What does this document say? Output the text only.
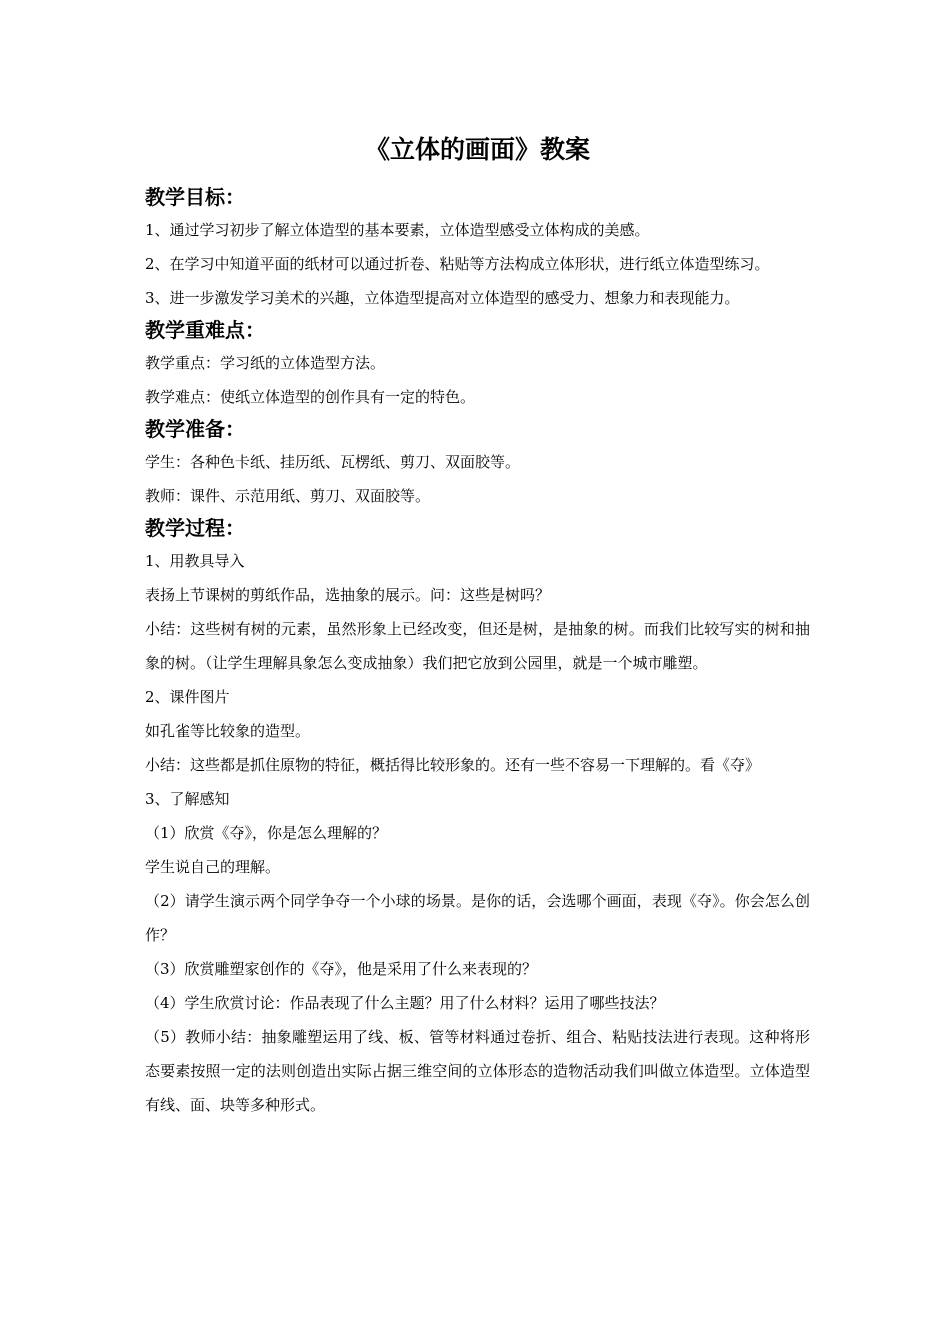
《立体的画面》教案
教学目标：

1、通过学习初步了解立体造型的基本要素，立体造型感受立体构成的美感。

2、在学习中知道平面的纸材可以通过折卷、粘贴等方法构成立体形状，进行纸立体造型练习。

3、进一步激发学习美术的兴趣，立体造型提高对立体造型的感受力、想象力和表现能力。

教学重难点：

教学重点：学习纸的立体造型方法。

教学难点：使纸立体造型的创作具有一定的特色。

教学准备：

学生：各种色卡纸、挂历纸、瓦楞纸、剪刀、双面胶等。

教师：课件、示范用纸、剪刀、双面胶等。

教学过程：

1、用教具导入

表扬上节课树的剪纸作品，选抽象的展示。问：这些是树吗？

小结：这些树有树的元素，虽然形象上已经改变，但还是树，是抽象的树。而我们比较写实的树和抽象的树。（让学生理解具象怎么变成抽象）我们把它放到公园里，就是一个城市雕塑。

2、课件图片

如孔雀等比较象的造型。

小结：这些都是抓住原物的特征，概括得比较形象的。还有一些不容易一下理解的。看《夺》

3、了解感知

（1）欣赏《夺》，你是怎么理解的？

学生说自己的理解。

（2）请学生演示两个同学争夺一个小球的场景。是你的话，会选哪个画面，表现《夺》。你会怎么创作？

（3）欣赏雕塑家创作的《夺》，他是采用了什么来表现的？

（4）学生欣赏讨论：作品表现了什么主题？用了什么材料？运用了哪些技法？

（5）教师小结：抽象雕塑运用了线、板、管等材料通过卷折、组合、粘贴技法进行表现。这种将形态要素按照一定的法则创造出实际占据三维空间的立体形态的造物活动我们叫做立体造型。立体造型有线、面、块等多种形式。
